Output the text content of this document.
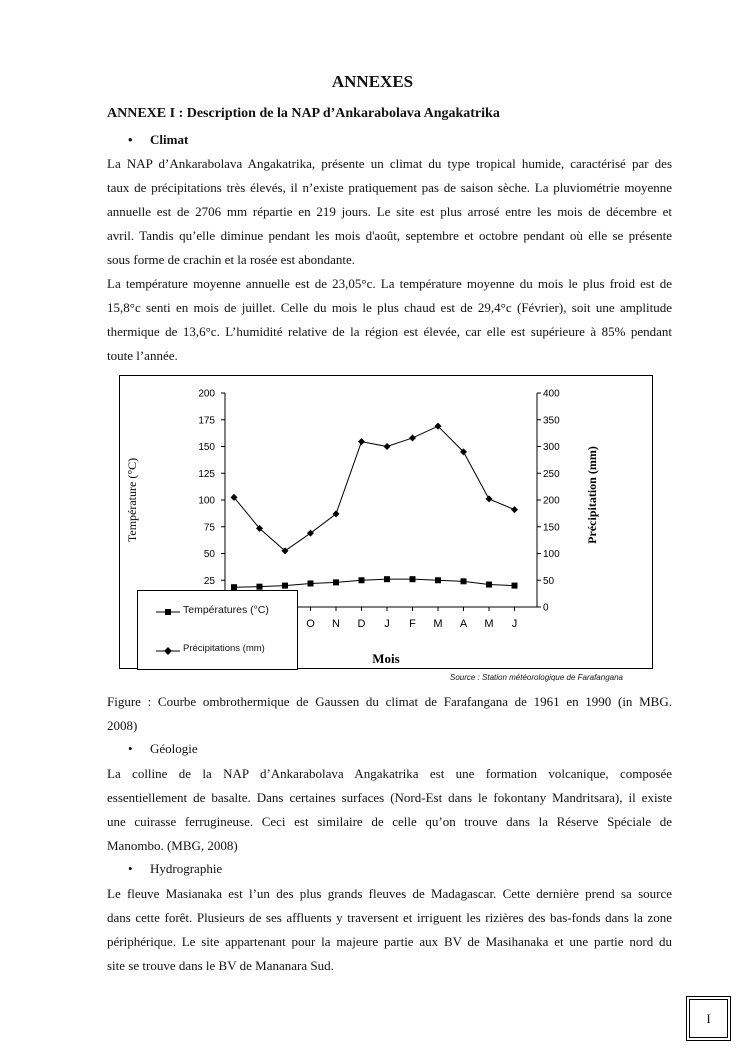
ANNEXES
ANNEXE I : Description de la NAP d’Ankarabolava Angakatrika
• Climat
La NAP d’Ankarabolava Angakatrika, présente un climat du type tropical humide, caractérisé par des
taux de précipitations très élevés, il n’existe pratiquement pas de saison sèche. La pluviométrie moyenne
annuelle est de 2706 mm répartie en 219 jours. Le site est plus arrosé entre les mois de décembre et
avril. Tandis qu’elle diminue pendant les mois d'août, septembre et octobre pendant où elle se présente
sous forme de crachin et la rosée est abondante.
La température moyenne annuelle est de 23,05°c. La température moyenne du mois le plus froid est de
15,8°c senti en mois de juillet. Celle du mois le plus chaud est de 29,4°c (Février), soit une amplitude
thermique de 13,6°c. L’humidité relative de la région est élevée, car elle est supérieure à 85% pendant
toute l’année.
25
50
75
100
125
150
175
200
0
50
100
150
200
250
300
350
400
O N D J F M A M J
Mois
Température (°C)	Précipitation (mm)
Températures (°C)
Précipitations (mm)
Source : Station météorologique de Farafangana
Figure : Courbe ombrothermique de Gaussen du climat de Farafangana de 1961 en 1990 (in MBG.
2008)
• Géologie
La colline de la NAP d’Ankarabolava Angakatrika est une formation volcanique, composée
essentiellement de basalte. Dans certaines surfaces (Nord-Est dans le fokontany Mandritsara), il existe
une cuirasse ferrugineuse. Ceci est similaire de celle qu’on trouve dans la Réserve Spéciale de
Manombo. (MBG, 2008)
• Hydrographie
Le fleuve Masianaka est l’un des plus grands fleuves de Madagascar. Cette dernière prend sa source
dans cette forêt. Plusieurs de ses affluents y traversent et irriguent les rizières des bas-fonds dans la zone
périphérique. Le site appartenant pour la majeure partie aux BV de Masihanaka et une partie nord du
site se trouve dans le BV de Mananara Sud.
I
